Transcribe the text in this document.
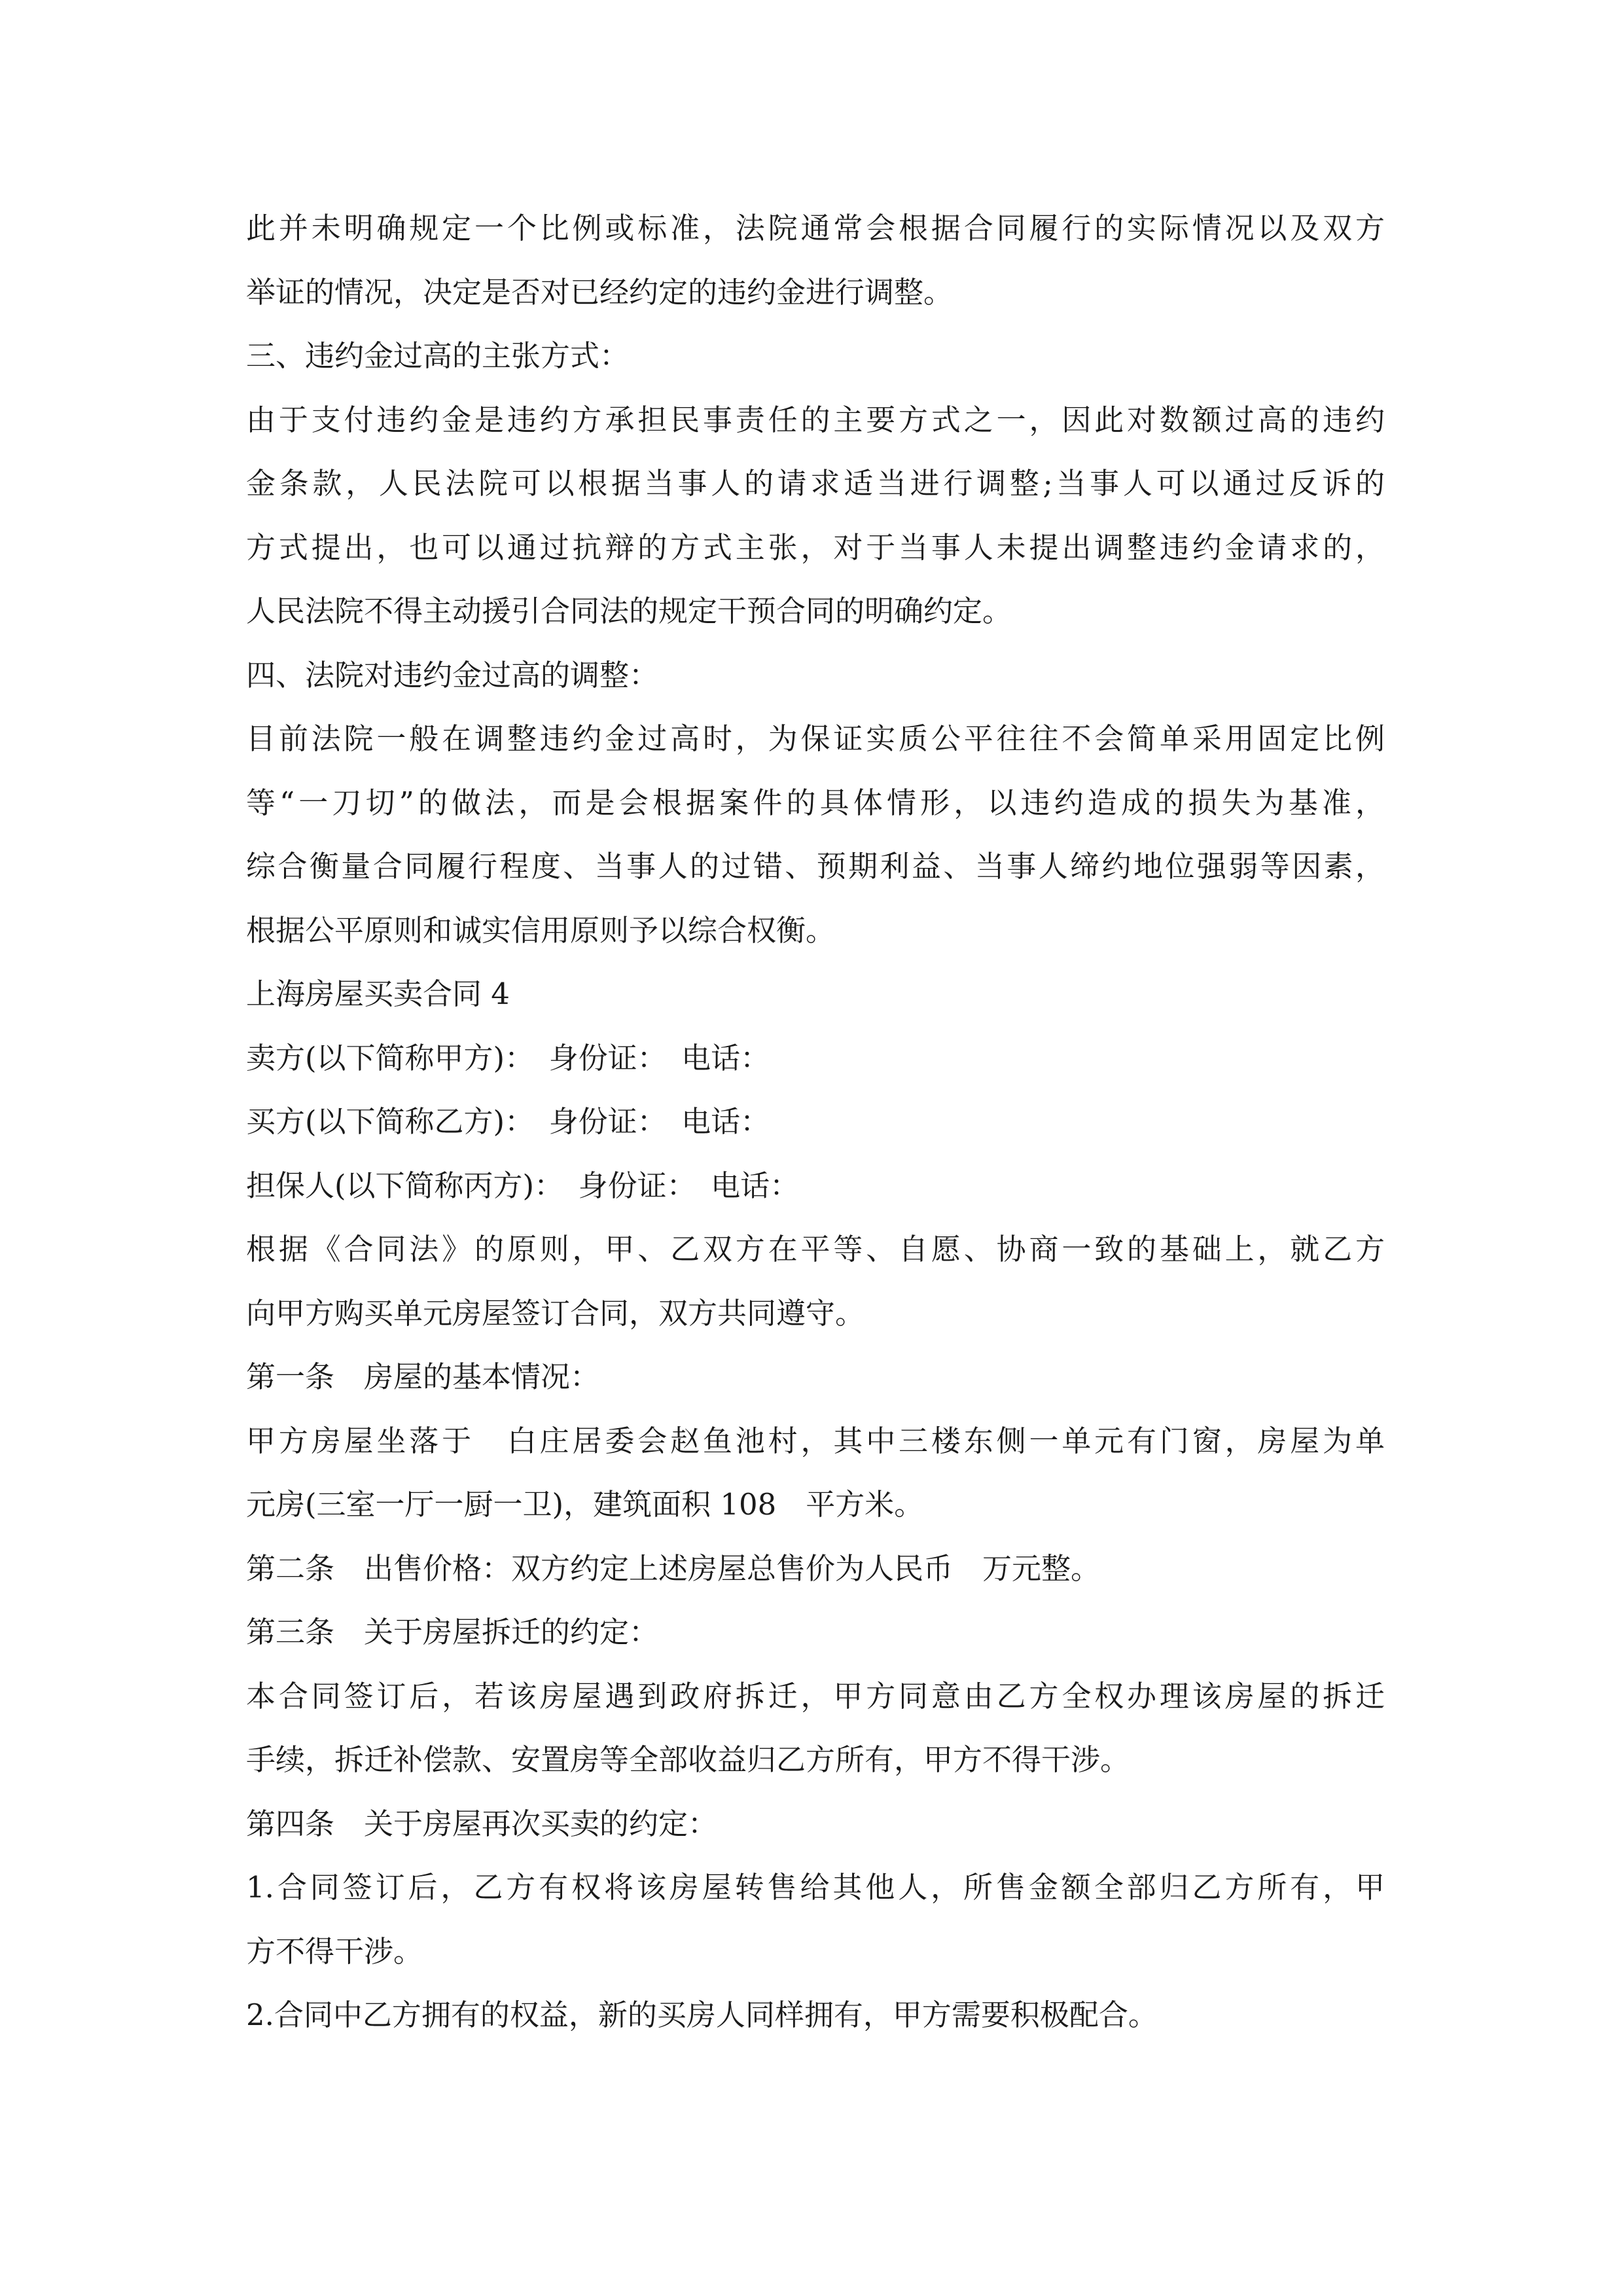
此并未明确规定一个比例或标准，法院通常会根据合同履行的实际情况以及双方

举证的情况，决定是否对已经约定的违约金进行调整。

三、违约金过高的主张方式：

由于支付违约金是违约方承担民事责任的主要方式之一，因此对数额过高的违约

金条款，人民法院可以根据当事人的请求适当进行调整;当事人可以通过反诉的

方式提出，也可以通过抗辩的方式主张，对于当事人未提出调整违约金请求的，

人民法院不得主动援引合同法的规定干预合同的明确约定。

四、法院对违约金过高的调整：

目前法院一般在调整违约金过高时，为保证实质公平往往不会简单采用固定比例

等“一刀切”的做法，而是会根据案件的具体情形，以违约造成的损失为基准，

综合衡量合同履行程度、当事人的过错、预期利益、当事人缔约地位强弱等因素，

根据公平原则和诚实信用原则予以综合权衡。

上海房屋买卖合同 4

卖方(以下简称甲方)：　身份证：　电话：

买方(以下简称乙方)：　身份证：　电话：

担保人(以下简称丙方)：　身份证：　电话：

根据《合同法》的原则，甲、乙双方在平等、自愿、协商一致的基础上，就乙方

向甲方购买单元房屋签订合同，双方共同遵守。

第一条　房屋的基本情况：

甲方房屋坐落于　白庄居委会赵鱼池村，其中三楼东侧一单元有门窗，房屋为单

元房(三室一厅一厨一卫)，建筑面积 108　平方米。

第二条　出售价格：双方约定上述房屋总售价为人民币　万元整。

第三条　关于房屋拆迁的约定：

本合同签订后，若该房屋遇到政府拆迁，甲方同意由乙方全权办理该房屋的拆迁

手续，拆迁补偿款、安置房等全部收益归乙方所有，甲方不得干涉。

第四条　关于房屋再次买卖的约定：

1.合同签订后，乙方有权将该房屋转售给其他人，所售金额全部归乙方所有，甲

方不得干涉。

2.合同中乙方拥有的权益，新的买房人同样拥有，甲方需要积极配合。
